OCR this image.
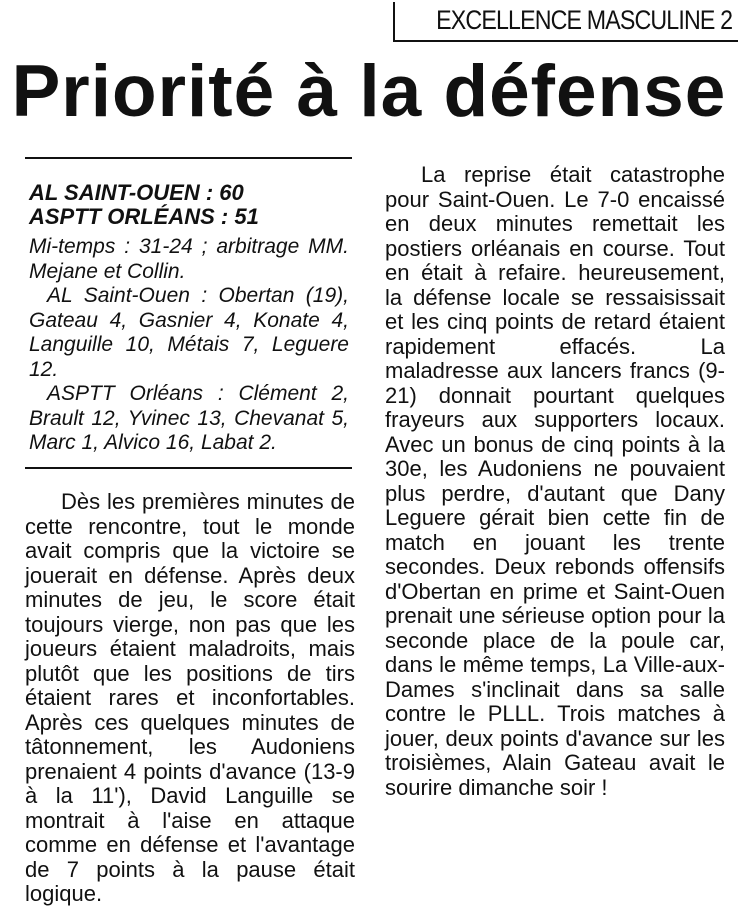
EXCELLENCE MASCULINE 2
Priorité à la défense
AL SAINT-OUEN : 60
ASPTT ORLÉANS : 51

Mi-temps : 31-24 ; arbitrage MM. Mejane et Collin.

AL Saint-Ouen : Obertan (19), Gateau 4, Gasnier 4, Konate 4, Languille 10, Métais 7, Leguere 12.

ASPTT Orléans : Clément 2, Brault 12, Yvinec 13, Chevanat 5, Marc 1, Alvico 16, Labat 2.

Dès les premières minutes de cette rencontre, tout le monde avait compris que la victoire se jouerait en défense. Après deux minutes de jeu, le score était toujours vierge, non pas que les joueurs étaient maladroits, mais plutôt que les positions de tirs étaient rares et inconfortables. Après ces quelques minutes de tâtonnement, les Audoniens prenaient 4 points d'avance (13-9 à la 11'), David Languille se montrait à l'aise en attaque comme en défense et l'avantage de 7 points à la pause était logique.

La reprise était catastrophe pour Saint-Ouen. Le 7-0 encaissé en deux minutes remettait les postiers orléanais en course. Tout en était à refaire. heureusement, la défense locale se ressaisissait et les cinq points de retard étaient rapidement effacés. La maladresse aux lancers francs (9-21) donnait pourtant quelques frayeurs aux supporters locaux. Avec un bonus de cinq points à la 30e, les Audoniens ne pouvaient plus perdre, d'autant que Dany Leguere gérait bien cette fin de match en jouant les trente secondes. Deux rebonds offensifs d'Obertan en prime et Saint-Ouen prenait une sérieuse option pour la seconde place de la poule car, dans le même temps, La Ville-aux-Dames s'inclinait dans sa salle contre le PLLL. Trois matches à jouer, deux points d'avance sur les troisièmes, Alain Gateau avait le sourire dimanche soir !
